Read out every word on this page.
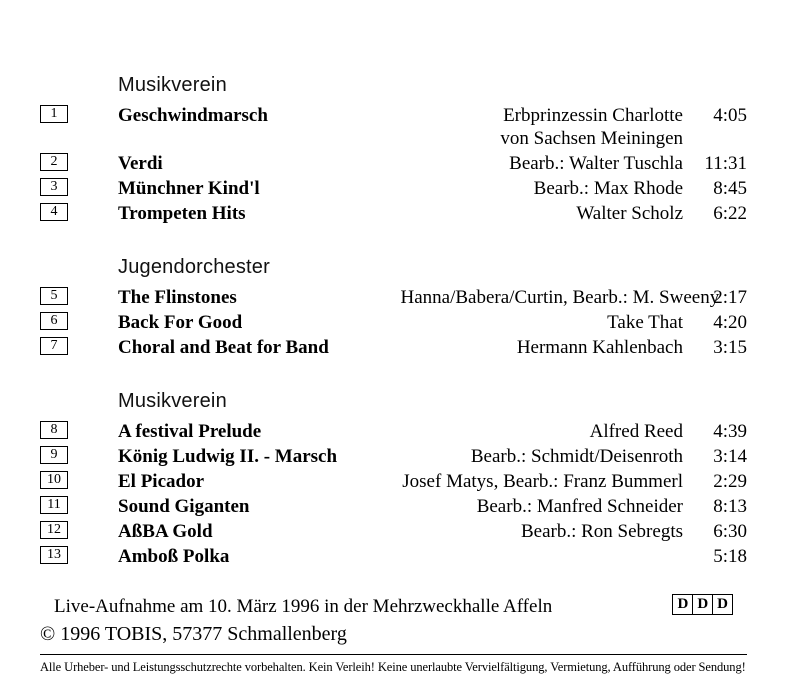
Musikverein
1	Geschwindmarsch	Erbprinzessin Charlotte
von Sachsen Meiningen	4:05
2	Verdi	Bearb.: Walter Tuschla	11:31
3	Münchner Kind'l	Bearb.: Max Rhode	8:45
4	Trompeten Hits	Walter Scholz	6:22
Jugendorchester
5	The Flinstones	Hanna/Babera/Curtin, Bearb.: M. Sweeny	2:17
6	Back For Good	Take That	4:20
7	Choral and Beat for Band	Hermann Kahlenbach	3:15
Musikverein
8	A festival Prelude	Alfred Reed	4:39
9	König Ludwig II. - Marsch	Bearb.: Schmidt/Deisenroth	3:14
10	El Picador	Josef Matys, Bearb.: Franz Bummerl	2:29
11	Sound Giganten	Bearb.: Manfred Schneider	8:13
12	AßBA Gold	Bearb.: Ron Sebregts	6:30
13	Amboß Polka		5:18
Live-Aufnahme am 10. März 1996 in der Mehrzweckhalle Affeln	D D D
© 1996 TOBIS, 57377 Schmallenberg
Alle Urheber- und Leistungsschutzrechte vorbehalten. Kein Verleih! Keine unerlaubte Vervielfältigung, Vermietung, Aufführung oder Sendung!
